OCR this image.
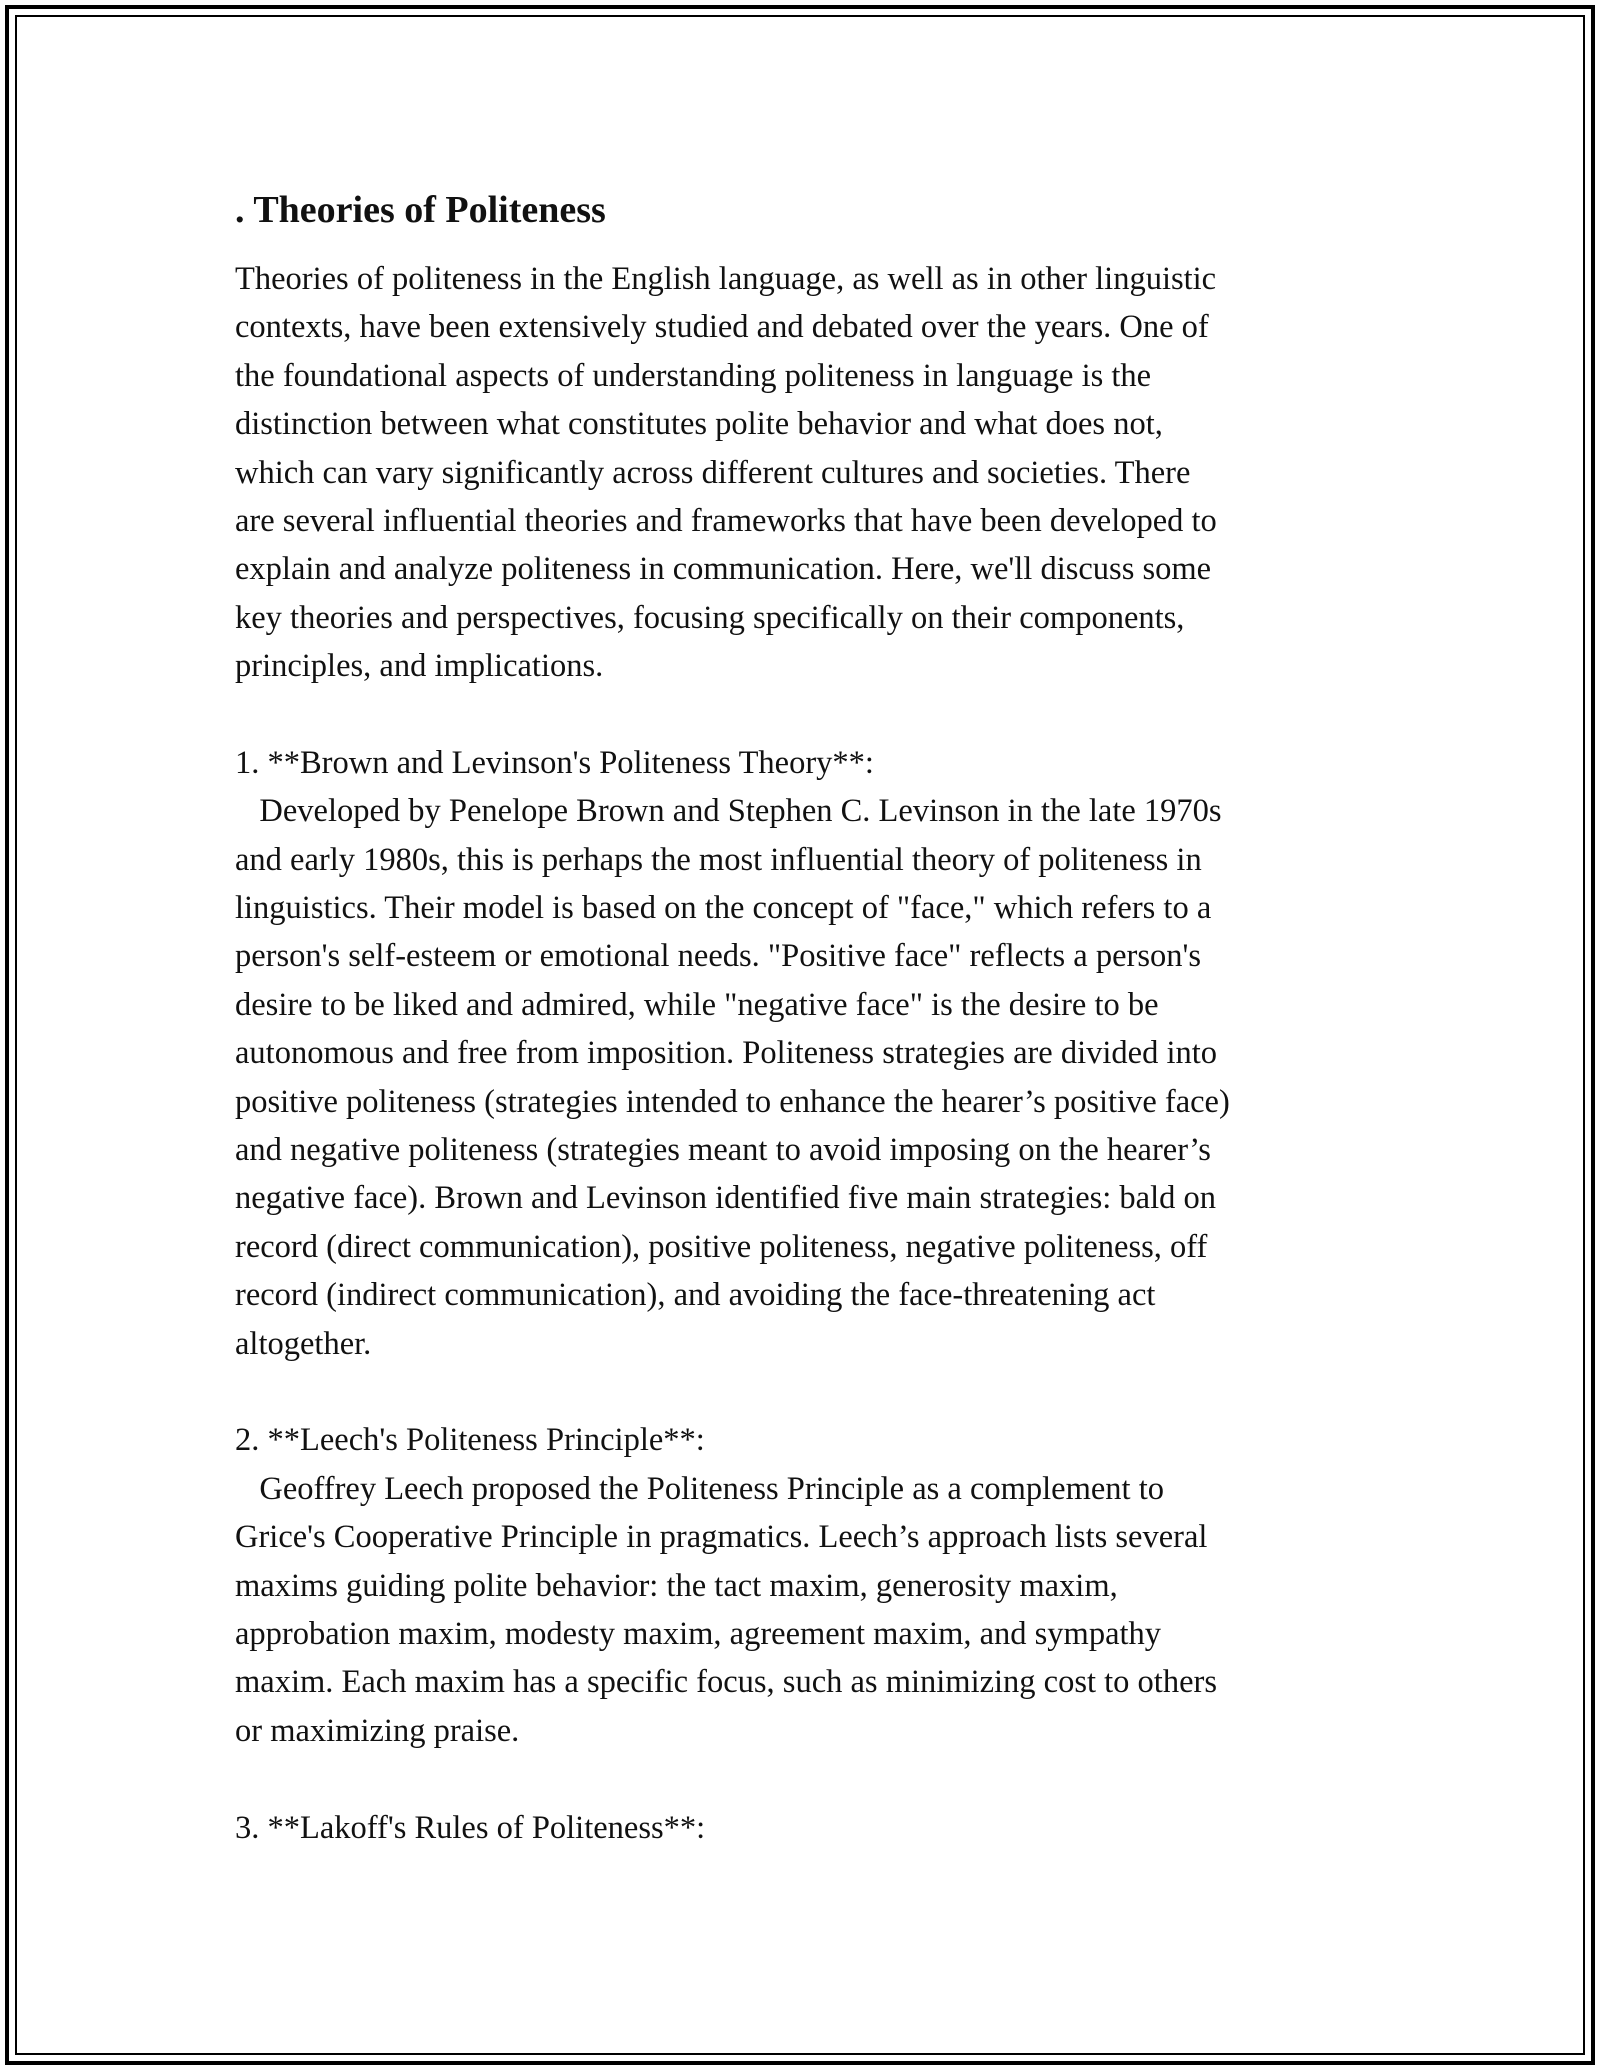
. Theories of Politeness
Theories of politeness in the English language, as well as in other linguistic
contexts, have been extensively studied and debated over the years. One of
the foundational aspects of understanding politeness in language is the
distinction between what constitutes polite behavior and what does not,
which can vary significantly across different cultures and societies. There
are several influential theories and frameworks that have been developed to
explain and analyze politeness in communication. Here, we'll discuss some
key theories and perspectives, focusing specifically on their components,
principles, and implications.
1. **Brown and Levinson's Politeness Theory**:
Developed by Penelope Brown and Stephen C. Levinson in the late 1970s
and early 1980s, this is perhaps the most influential theory of politeness in
linguistics. Their model is based on the concept of "face," which refers to a
person's self-esteem or emotional needs. "Positive face" reflects a person's
desire to be liked and admired, while "negative face" is the desire to be
autonomous and free from imposition. Politeness strategies are divided into
positive politeness (strategies intended to enhance the hearer’s positive face)
and negative politeness (strategies meant to avoid imposing on the hearer’s
negative face). Brown and Levinson identified five main strategies: bald on
record (direct communication), positive politeness, negative politeness, off
record (indirect communication), and avoiding the face-threatening act
altogether.
2. **Leech's Politeness Principle**:
Geoffrey Leech proposed the Politeness Principle as a complement to
Grice's Cooperative Principle in pragmatics. Leech’s approach lists several
maxims guiding polite behavior: the tact maxim, generosity maxim,
approbation maxim, modesty maxim, agreement maxim, and sympathy
maxim. Each maxim has a specific focus, such as minimizing cost to others
or maximizing praise.
3. **Lakoff's Rules of Politeness**:
